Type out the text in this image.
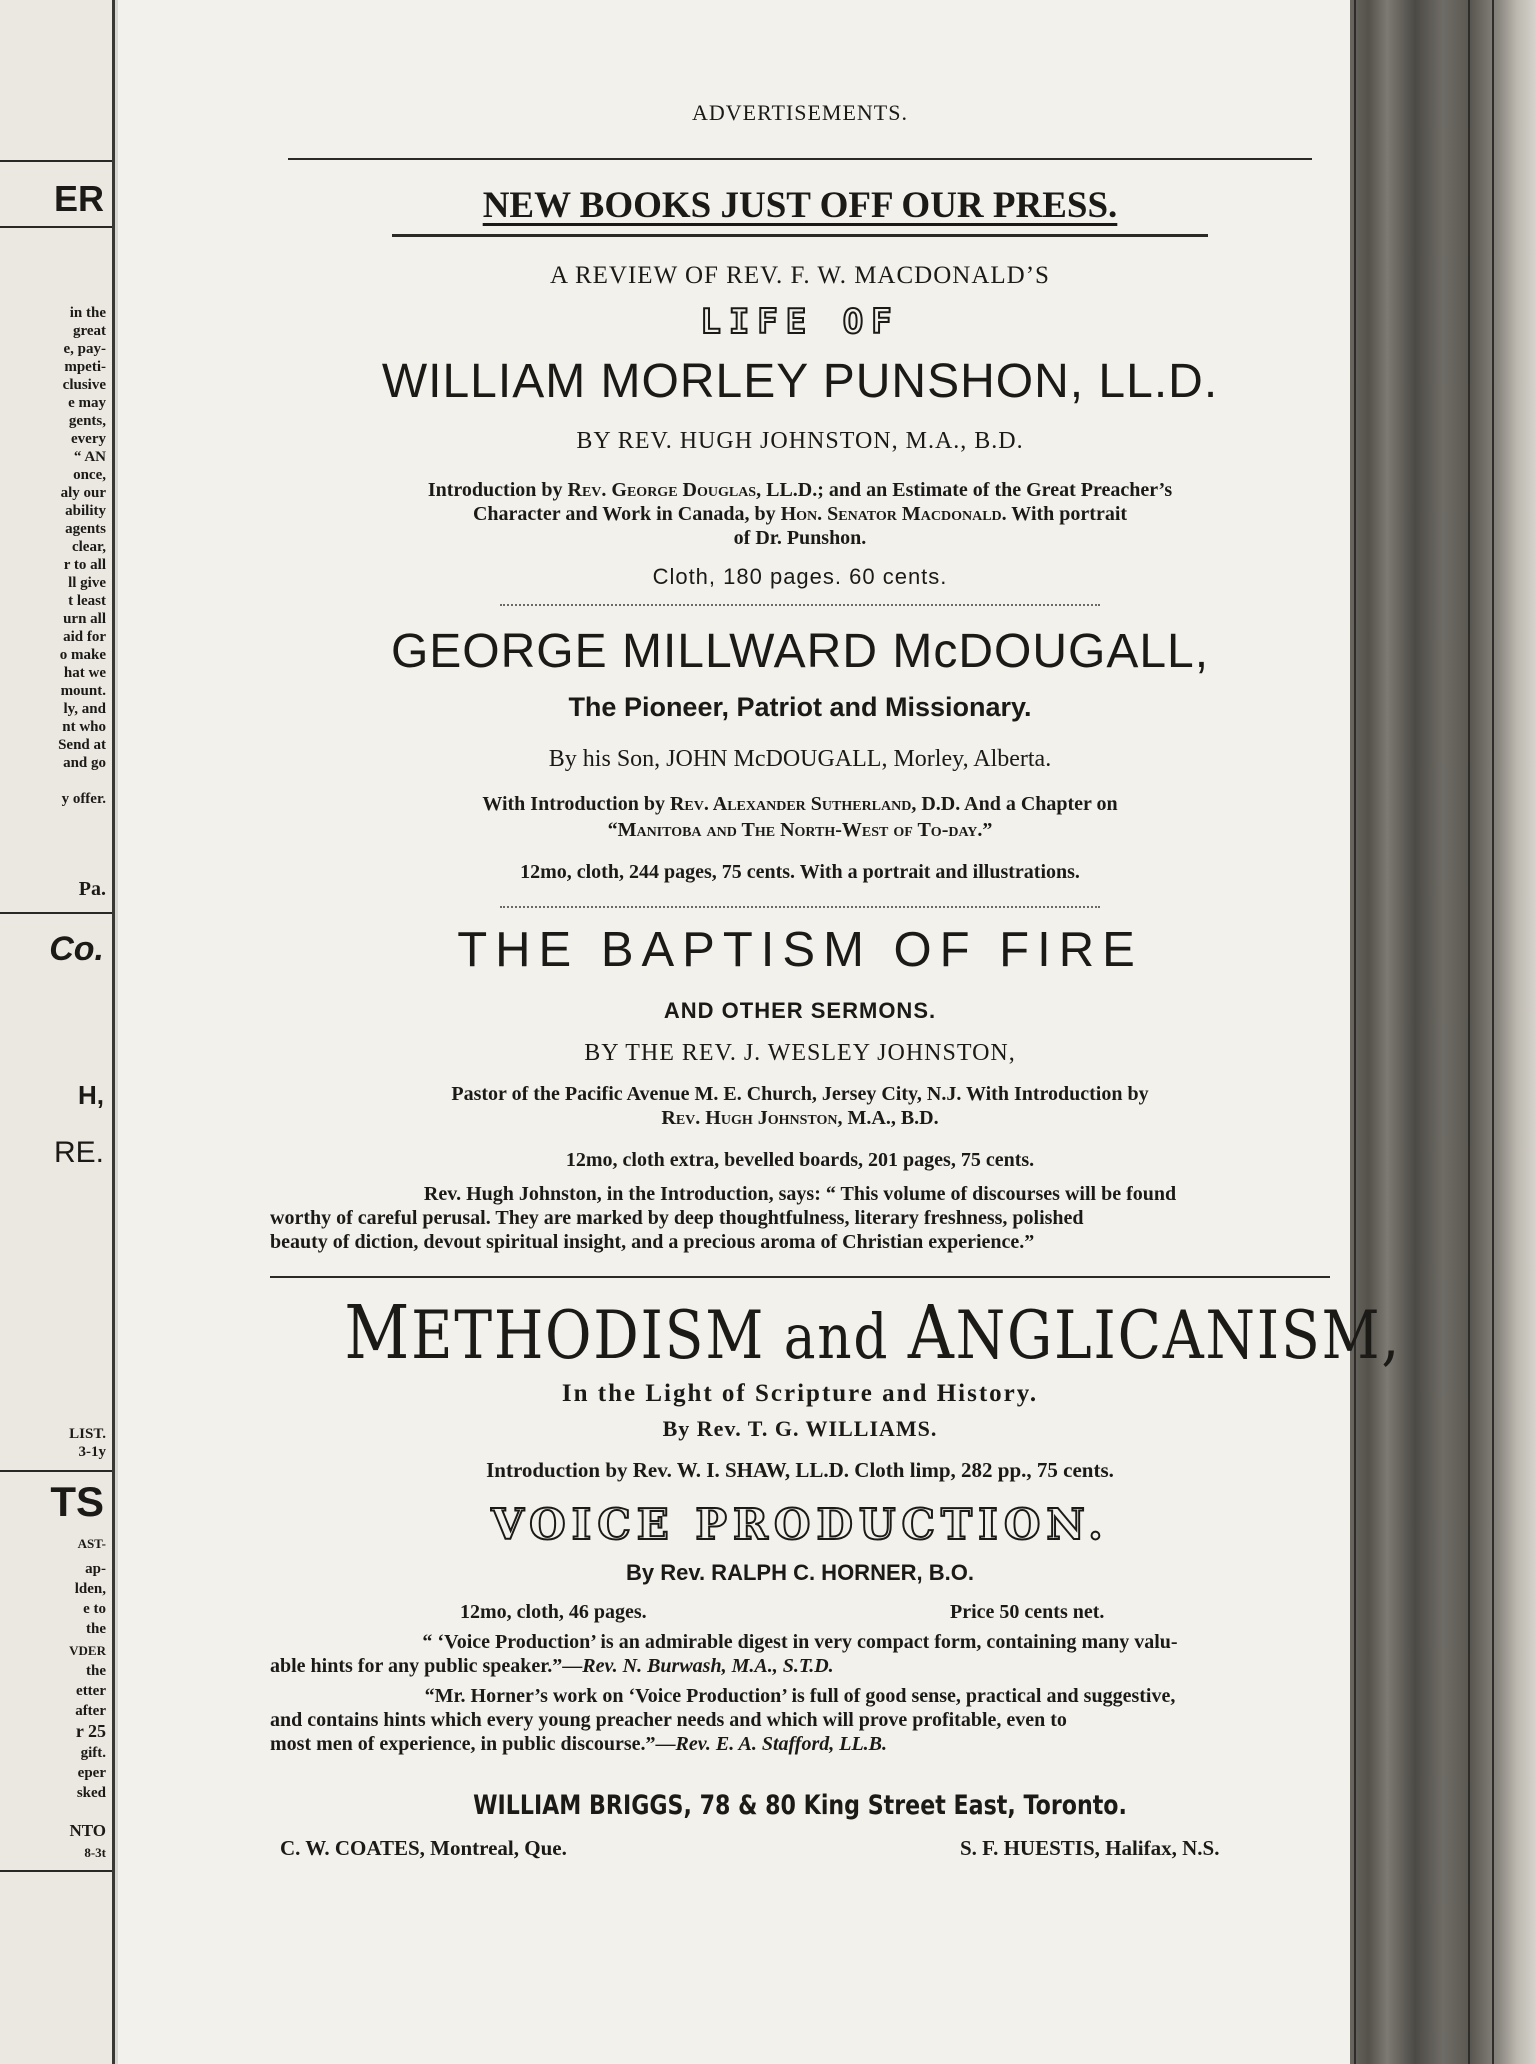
ER
in the
great
e, pay-
mpeti-
clusive
e may
gents,
every
“ AN
once,
aly our
ability
agents
clear,
r to all
ll give
t least
urn all
aid for
o make
hat we
mount.
ly, and
nt who
Send at
and go
y offer.
Pa.
Co.
H,
RE.
LIST.
3-1y
TS
AST-
ap-
lden,
e to
the
VDER
the
etter
after
r 25
gift.
eper
sked
NTO
8-3t
ADVERTISEMENTS.
NEW BOOKS JUST OFF OUR PRESS.
A REVIEW OF REV. F. W. MACDONALD’S
LIFE OF
WILLIAM MORLEY PUNSHON, LL.D.
BY REV. HUGH JOHNSTON, M.A., B.D.
Introduction by Rev. George Douglas, LL.D.; and an Estimate of the Great Preacher’s
Character and Work in Canada, by Hon. Senator Macdonald. With portrait
of Dr. Punshon.
Cloth, 180 pages. 60 cents.
GEORGE MILLWARD McDOUGALL,
The Pioneer, Patriot and Missionary.
By his Son, JOHN McDOUGALL, Morley, Alberta.
With Introduction by Rev. Alexander Sutherland, D.D. And a Chapter on
“Manitoba and The North-West of To-day.”
12mo, cloth, 244 pages, 75 cents. With a portrait and illustrations.
THE BAPTISM OF FIRE
AND OTHER SERMONS.
BY THE REV. J. WESLEY JOHNSTON,
Pastor of the Pacific Avenue M. E. Church, Jersey City, N.J. With Introduction by
Rev. Hugh Johnston, M.A., B.D.
12mo, cloth extra, bevelled boards, 201 pages, 75 cents.
Rev. Hugh Johnston, in the Introduction, says: “ This volume of discourses will be found
worthy of careful perusal. They are marked by deep thoughtfulness, literary freshness, polished
beauty of diction, devout spiritual insight, and a precious aroma of Christian experience.”
METHODISM and ANGLICANISM,
In the Light of Scripture and History.
By Rev. T. G. WILLIAMS.
Introduction by Rev. W. I. SHAW, LL.D. Cloth limp, 282 pp., 75 cents.
VOICE PRODUCTION.
By Rev. RALPH C. HORNER, B.O.
12mo, cloth, 46 pages.	Price 50 cents net.
“ ‘Voice Production’ is an admirable digest in very compact form, containing many valu-
able hints for any public speaker.”—Rev. N. Burwash, M.A., S.T.D.
“Mr. Horner’s work on ‘Voice Production’ is full of good sense, practical and suggestive,
and contains hints which every young preacher needs and which will prove profitable, even to
most men of experience, in public discourse.”—Rev. E. A. Stafford, LL.B.
WILLIAM BRIGGS, 78 & 80 King Street East, Toronto.
C. W. COATES, Montreal, Que.	S. F. HUESTIS, Halifax, N.S.
